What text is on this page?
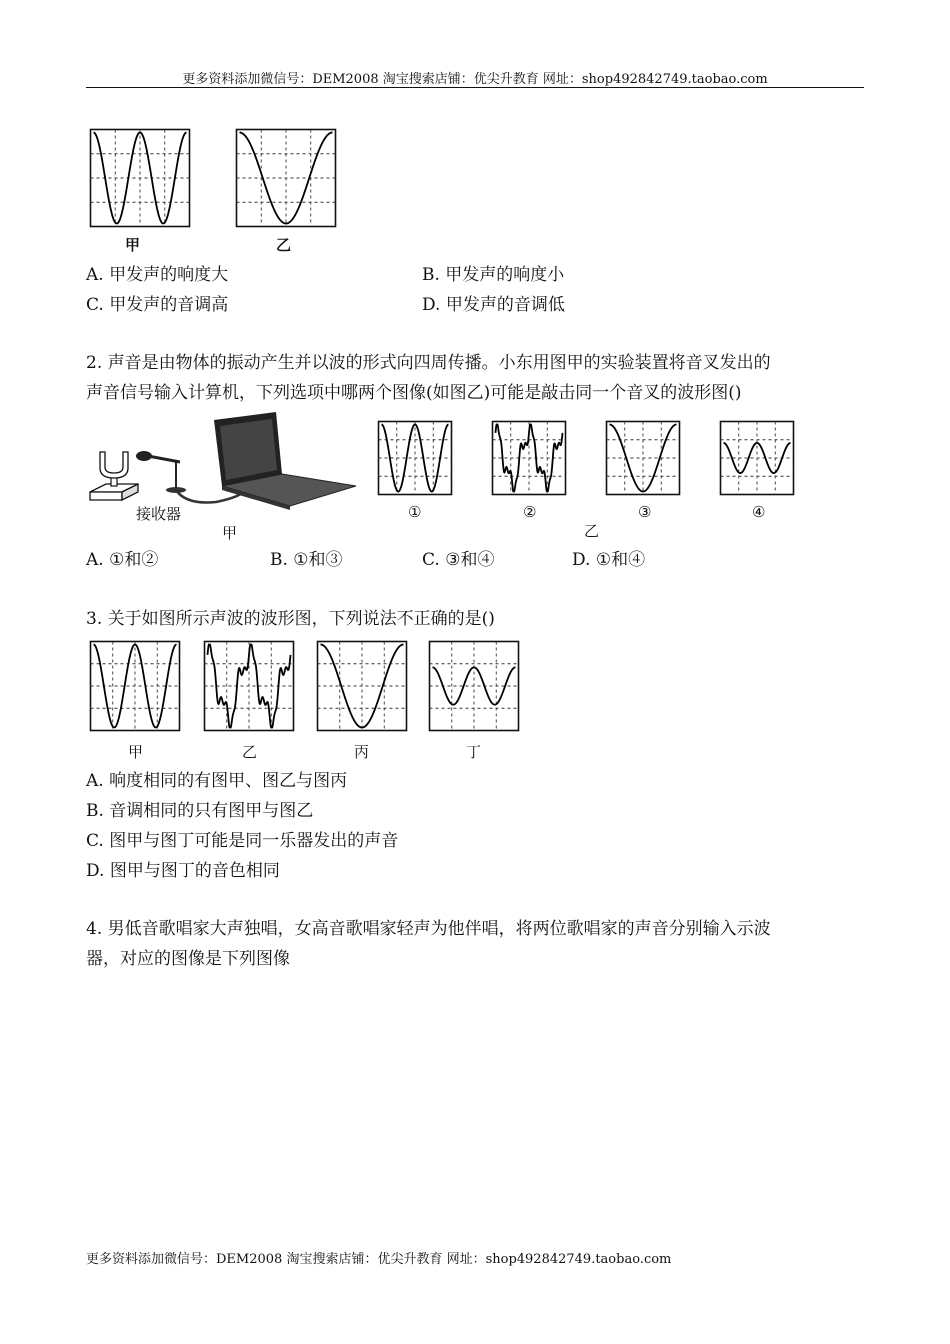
更多资料添加微信号：DEM2008 淘宝搜索店铺：优尖升教育 网址：shop492842749.taobao.com
甲	乙
A. 甲发声的响度大	B. 甲发声的响度小
C. 甲发声的音调高	D. 甲发声的音调低
2. 声音是由物体的振动产生并以波的形式向四周传播。小东用图甲的实验装置将音叉发出的
声音信号输入计算机，下列选项中哪两个图像(如图乙)可能是敲击同一个音叉的波形图()
接收器
甲
①	②
乙
③	④
A. ①和②	B. ①和③	C. ③和④	D. ①和④
3. 关于如图所示声波的波形图，下列说法不正确的是()
甲	乙	丙	丁
A. 响度相同的有图甲、图乙与图丙
B. 音调相同的只有图甲与图乙
C. 图甲与图丁可能是同一乐器发出的声音
D. 图甲与图丁的音色相同
4. 男低音歌唱家大声独唱，女高音歌唱家轻声为他伴唱，将两位歌唱家的声音分别输入示波
器，对应的图像是下列图像
更多资料添加微信号：DEM2008 淘宝搜索店铺：优尖升教育 网址：shop492842749.taobao.com
